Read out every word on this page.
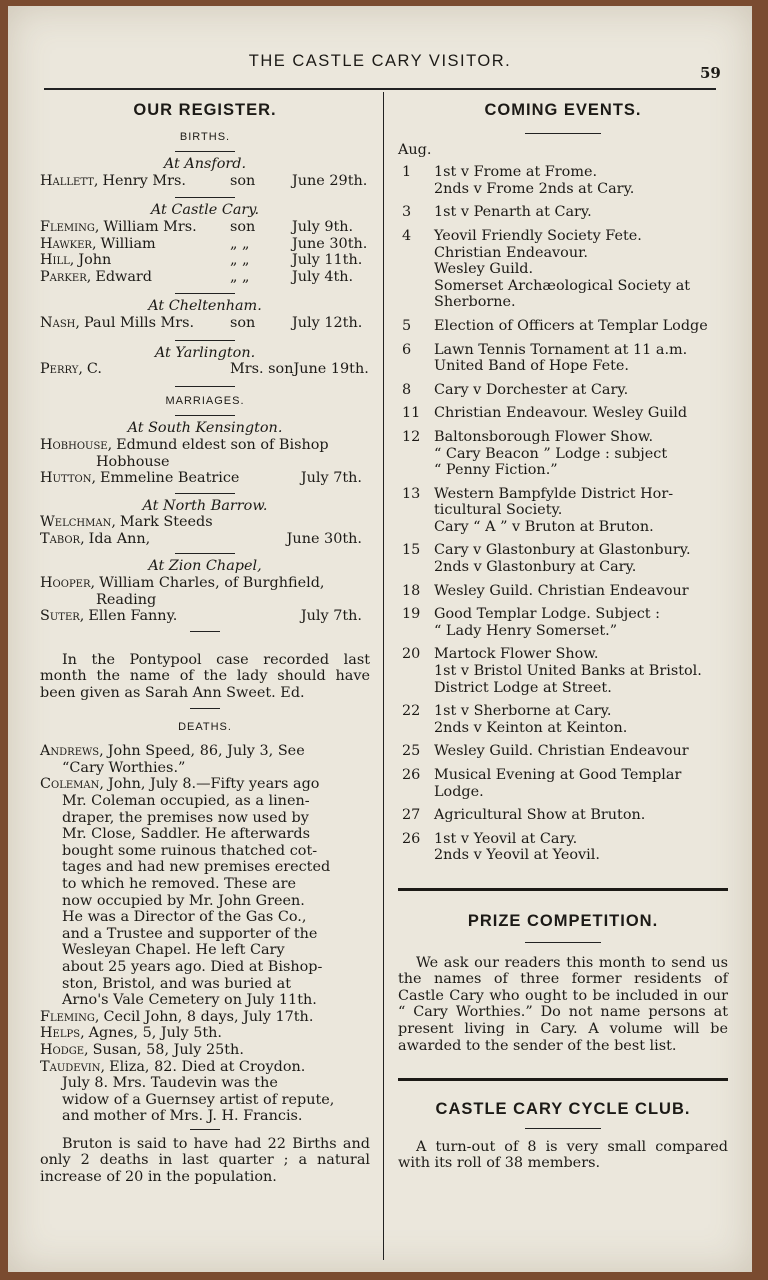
THE CASTLE CARY VISITOR.
59
OUR REGISTER.
BIRTHS.
At Ansford.
Hallett, Henry Mrs.	son	June 29th.
At Castle Cary.
Fleming, William Mrs.	son	July 9th.
Hawker, William	„ „	June 30th.
Hill, John	„ „	July 11th.
Parker, Edward	„ „	July 4th.
At Cheltenham.
Nash, Paul Mills Mrs.	son	July 12th.
At Yarlington.
Perry, C.	Mrs. son June 19th.
MARRIAGES.
At South Kensington.
Hobhouse, Edmund eldest son of Bishop
Hobhouse
Hutton, Emmeline Beatrice	July 7th.
At North Barrow.
Welchman, Mark Steeds
Tabor, Ida Ann,	June 30th.
At Zion Chapel,
Hooper, William Charles, of Burghfield,
Reading
Suter, Ellen Fanny.	July 7th.
In the Pontypool case recorded last month the name of the lady should have been given as Sarah Ann Sweet. Ed.
DEATHS.
Andrews, John Speed, 86, July 3, See
“Cary Worthies.”
Coleman, John, July 8.—Fifty years ago
Mr. Coleman occupied, as a linen-
draper, the premises now used by
Mr. Close, Saddler. He afterwards
bought some ruinous thatched cot-
tages and had new premises erected
to which he removed. These are
now occupied by Mr. John Green.
He was a Director of the Gas Co.,
and a Trustee and supporter of the
Wesleyan Chapel. He left Cary
about 25 years ago. Died at Bishop-
ston, Bristol, and was buried at
Arno's Vale Cemetery on July 11th.
Fleming, Cecil John, 8 days, July 17th.
Helps, Agnes, 5, July 5th.
Hodge, Susan, 58, July 25th.
Taudevin, Eliza, 82. Died at Croydon.
July 8. Mrs. Taudevin was the
widow of a Guernsey artist of repute,
and mother of Mrs. J. H. Francis.
Bruton is said to have had 22 Births and only 2 deaths in last quarter ; a natural increase of 20 in the population.
COMING EVENTS.
Aug.
1	1st v Frome at Frome.
2nds v Frome 2nds at Cary.
3	1st v Penarth at Cary.
4	Yeovil Friendly Society Fete.
Christian Endeavour.
Wesley Guild.
Somerset Archæological Society at
Sherborne.
5	Election of Officers at Templar Lodge
6	Lawn Tennis Tornament at 11 a.m.
United Band of Hope Fete.
8	Cary v Dorchester at Cary.
11 Christian Endeavour. Wesley Guild
12 Baltonsborough Flower Show.
“ Cary Beacon ” Lodge : subject
“ Penny Fiction.”
13 Western Bampfylde District Hor-
ticultural Society.
Cary “ A ” v Bruton at Bruton.
15 Cary v Glastonbury at Glastonbury.
2nds v Glastonbury at Cary.
18 Wesley Guild. Christian Endeavour
19 Good Templar Lodge. Subject :
“ Lady Henry Somerset.”
20 Martock Flower Show.
1st v Bristol United Banks at Bristol.
District Lodge at Street.
22 1st v Sherborne at Cary.
2nds v Keinton at Keinton.
25 Wesley Guild. Christian Endeavour
26 Musical Evening at Good Templar
Lodge.
27 Agricultural Show at Bruton.
26 1st v Yeovil at Cary.
2nds v Yeovil at Yeovil.
PRIZE COMPETITION.
We ask our readers this month to send us the names of three former residents of Castle Cary who ought to be included in our “ Cary Worthies.” Do not name persons at present living in Cary. A volume will be awarded to the sender of the best list.
CASTLE CARY CYCLE CLUB.
A turn-out of 8 is very small compared with its roll of 38 members.
